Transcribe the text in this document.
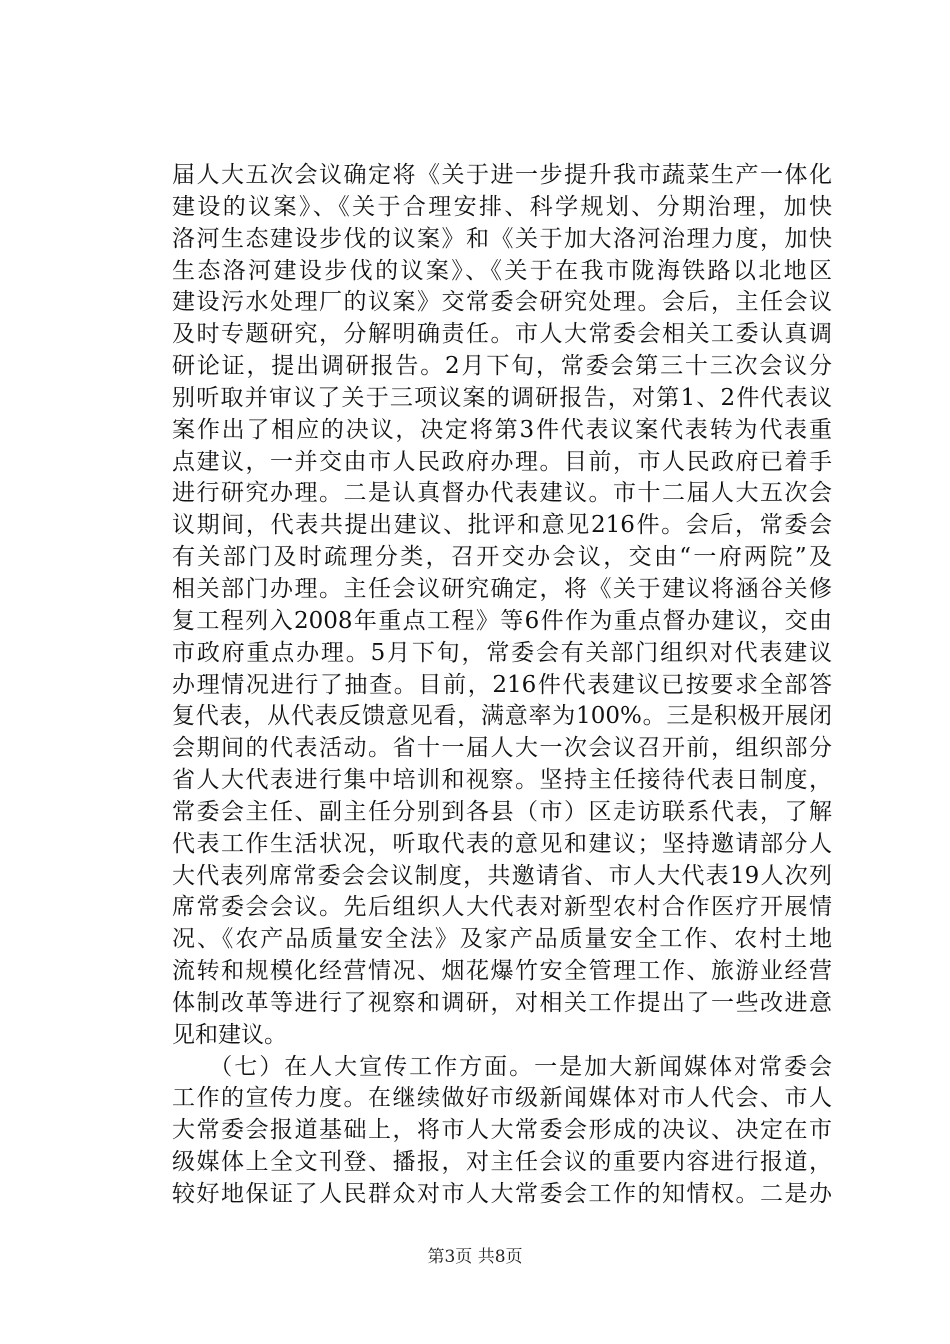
届人大五次会议确定将《关于进一步提升我市蔬菜生产一体化
建设的议案》、《关于合理安排、科学规划、分期治理，加快
洛河生态建设步伐的议案》和《关于加大洛河治理力度，加快
生态洛河建设步伐的议案》、《关于在我市陇海铁路以北地区
建设污水处理厂的议案》交常委会研究处理。会后，主任会议
及时专题研究，分解明确责任。市人大常委会相关工委认真调
研论证，提出调研报告。2月下旬，常委会第三十三次会议分
别听取并审议了关于三项议案的调研报告，对第1、2件代表议
案作出了相应的决议，决定将第3件代表议案代表转为代表重
点建议，一并交由市人民政府办理。目前，市人民政府已着手
进行研究办理。二是认真督办代表建议。市十二届人大五次会
议期间，代表共提出建议、批评和意见216件。会后，常委会
有关部门及时疏理分类，召开交办会议，交由“一府两院”及
相关部门办理。主任会议研究确定，将《关于建议将涵谷关修
复工程列入2008年重点工程》等6件作为重点督办建议，交由
市政府重点办理。5月下旬，常委会有关部门组织对代表建议
办理情况进行了抽查。目前，216件代表建议已按要求全部答
复代表，从代表反馈意见看，满意率为100%。三是积极开展闭
会期间的代表活动。省十一届人大一次会议召开前，组织部分
省人大代表进行集中培训和视察。坚持主任接待代表日制度，
常委会主任、副主任分别到各县（市）区走访联系代表，了解
代表工作生活状况，听取代表的意见和建议；坚持邀请部分人
大代表列席常委会会议制度，共邀请省、市人大代表19人次列
席常委会会议。先后组织人大代表对新型农村合作医疗开展情
况、《农产品质量安全法》及家产品质量安全工作、农村土地
流转和规模化经营情况、烟花爆竹安全管理工作、旅游业经营
体制改革等进行了视察和调研，对相关工作提出了一些改进意
见和建议。
（七）在人大宣传工作方面。一是加大新闻媒体对常委会
工作的宣传力度。在继续做好市级新闻媒体对市人代会、市人
大常委会报道基础上，将市人大常委会形成的决议、决定在市
级媒体上全文刊登、播报，对主任会议的重要内容进行报道，
较好地保证了人民群众对市人大常委会工作的知情权。二是办
第3页 共8页
